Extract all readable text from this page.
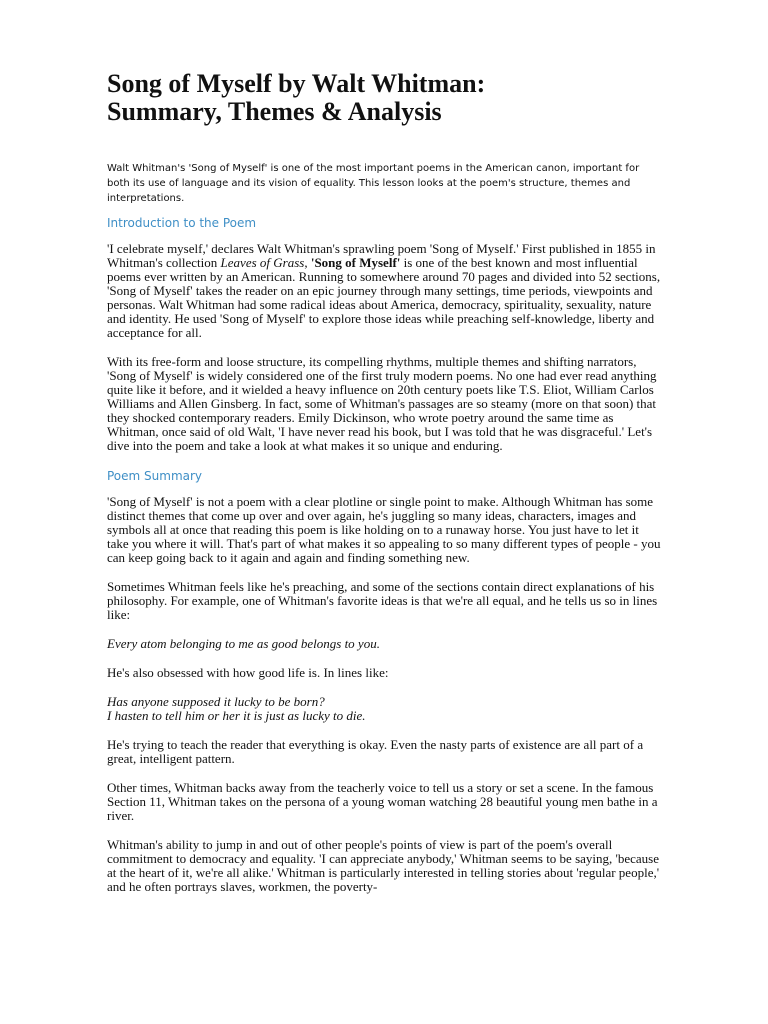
Song of Myself by Walt Whitman:
Summary, Themes & Analysis

Walt Whitman's 'Song of Myself' is one of the most important poems in the American canon, important for both its use of language and its vision of equality. This lesson looks at the poem's structure, themes and interpretations.

Introduction to the Poem

'I celebrate myself,' declares Walt Whitman's sprawling poem 'Song of Myself.' First published in 1855 in Whitman's collection Leaves of Grass, 'Song of Myself' is one of the best known and most influential poems ever written by an American. Running to somewhere around 70 pages and divided into 52 sections, 'Song of Myself' takes the reader on an epic journey through many settings, time periods, viewpoints and personas. Walt Whitman had some radical ideas about America, democracy, spirituality, sexuality, nature and identity. He used 'Song of Myself' to explore those ideas while preaching self-knowledge, liberty and acceptance for all.

With its free-form and loose structure, its compelling rhythms, multiple themes and shifting narrators, 'Song of Myself' is widely considered one of the first truly modern poems. No one had ever read anything quite like it before, and it wielded a heavy influence on 20th century poets like T.S. Eliot, William Carlos Williams and Allen Ginsberg. In fact, some of Whitman's passages are so steamy (more on that soon) that they shocked contemporary readers. Emily Dickinson, who wrote poetry around the same time as Whitman, once said of old Walt, 'I have never read his book, but I was told that he was disgraceful.' Let's dive into the poem and take a look at what makes it so unique and enduring.

Poem Summary

'Song of Myself' is not a poem with a clear plotline or single point to make. Although Whitman has some distinct themes that come up over and over again, he's juggling so many ideas, characters, images and symbols all at once that reading this poem is like holding on to a runaway horse. You just have to let it take you where it will. That's part of what makes it so appealing to so many different types of people - you can keep going back to it again and again and finding something new.

Sometimes Whitman feels like he's preaching, and some of the sections contain direct explanations of his philosophy. For example, one of Whitman's favorite ideas is that we're all equal, and he tells us so in lines like:

Every atom belonging to me as good belongs to you.

He's also obsessed with how good life is. In lines like:

Has anyone supposed it lucky to be born?
I hasten to tell him or her it is just as lucky to die.

He's trying to teach the reader that everything is okay. Even the nasty parts of existence are all part of a great, intelligent pattern.

Other times, Whitman backs away from the teacherly voice to tell us a story or set a scene. In the famous Section 11, Whitman takes on the persona of a young woman watching 28 beautiful young men bathe in a river.

Whitman's ability to jump in and out of other people's points of view is part of the poem's overall commitment to democracy and equality. 'I can appreciate anybody,' Whitman seems to be saying, 'because at the heart of it, we're all alike.' Whitman is particularly interested in telling stories about 'regular people,' and he often portrays slaves, workmen, the poverty-
